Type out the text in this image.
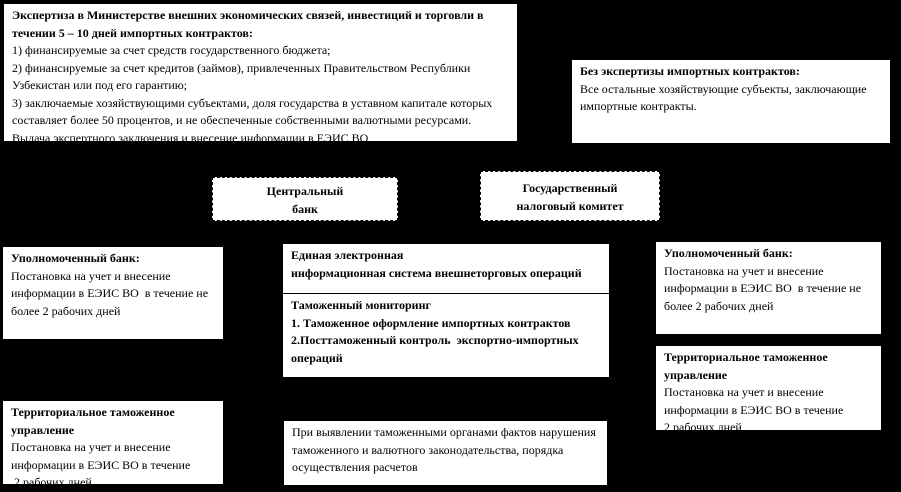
Экспертиза в Министерстве внешних экономических связей, инвестиций и торговли в течении 5 – 10 дней импортных контрактов:
1) финансируемые за счет средств государственного бюджета;
2) финансируемые за счет кредитов (займов), привлеченных Правительством Республики Узбекистан или под его гарантию;
3) заключаемые хозяйствующими субъектами, доля государства в уставном капитале которых составляет более 50 процентов, и не обеспеченные собственными валютными ресурсами.
Выдача экспертного заключения и внесение информации в ЕЭИС ВО
Без экспертизы импортных контрактов:
Все остальные хозяйствующие субъекты, заключающие импортные контракты.
Центральный
банк
Государственный
налоговый комитет
Уполномоченный банк:
Постановка на учет и внесение информации в ЕЭИС ВО  в течение не более 2 рабочих дней
Единая электронная
информационная система внешнеторговых операций
Таможенный мониторинг
1. Таможенное оформление импортных контрактов
2.Посттаможенный контроль  экспортно-импортных операций
Уполномоченный банк:
Постановка на учет и внесение информации в ЕЭИС ВО  в течение не более 2 рабочих дней
Территориальное таможенное управление
Постановка на учет и внесение информации в ЕЭИС ВО в течение
2 рабочих дней
Территориальное таможенное управление
Постановка на учет и внесение информации в ЕЭИС ВО в течение
2 рабочих дней
При выявлении таможенными органами фактов нарушения таможенного и валютного законодательства, порядка осуществления расчетов
